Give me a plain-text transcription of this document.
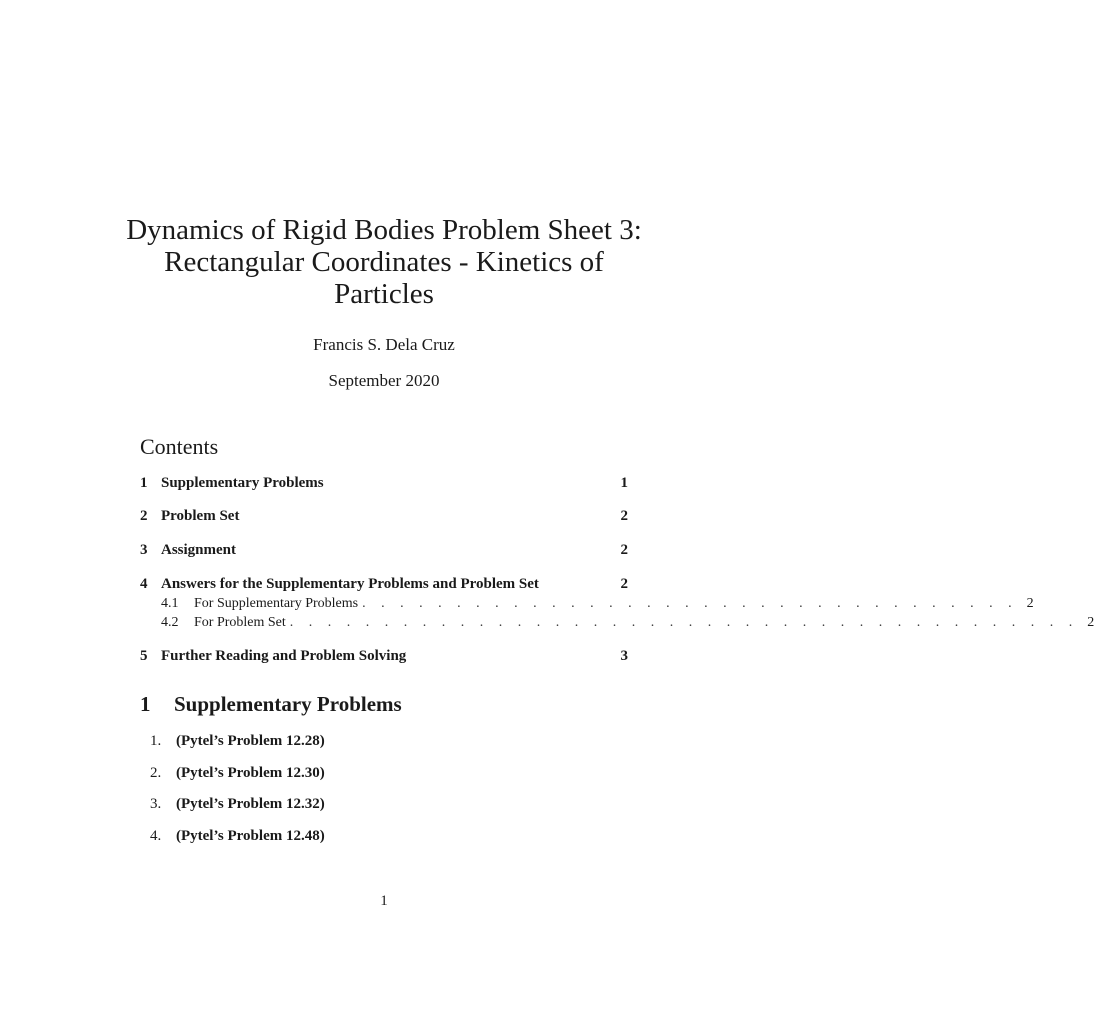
Dynamics of Rigid Bodies Problem Sheet 3:
Rectangular Coordinates - Kinetics of
Particles
Francis S. Dela Cruz
September 2020
Contents
1 Supplementary Problems	1
2 Problem Set	2
3 Assignment	2
4 Answers for the Supplementary Problems and Problem Set	2
4.1	For Supplementary Problems . . . . . . . . . . . . . . . . . . . . . . . . . . . . . . . . . . . 2
4.2	For Problem Set . . . . . . . . . . . . . . . . . . . . . . . . . . . . . . . . . . . . . . . . . . 2
5 Further Reading and Problem Solving	3
1	Supplementary Problems
1. (Pytel’s Problem 12.28)
2. (Pytel’s Problem 12.30)
3. (Pytel’s Problem 12.32)
4. (Pytel’s Problem 12.48)
1
